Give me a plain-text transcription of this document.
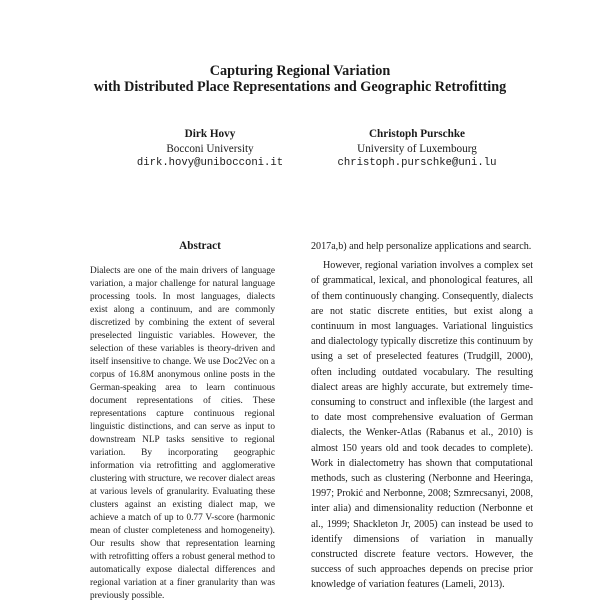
Capturing Regional Variation
with Distributed Place Representations and Geographic Retrofitting
Dirk Hovy
Bocconi University
dirk.hovy@unibocconi.it
Christoph Purschke
University of Luxembourg
christoph.purschke@uni.lu
Abstract
Dialects are one of the main drivers of language variation, a major challenge for natural language processing tools. In most languages, dialects exist along a continuum, and are commonly discretized by combining the extent of several preselected linguistic variables. However, the selection of these variables is theory-driven and itself insensitive to change. We use Doc2Vec on a corpus of 16.8M anonymous online posts in the German-speaking area to learn continuous document representations of cities. These representations capture continuous regional linguistic distinctions, and can serve as input to downstream NLP tasks sensitive to regional variation. By incorporating geographic information via retrofitting and agglomerative clustering with structure, we recover dialect areas at various levels of granularity. Evaluating these clusters against an existing dialect map, we achieve a match of up to 0.77 V-score (harmonic mean of cluster completeness and homogeneity). Our results show that representation learning with retrofitting offers a robust general method to automatically expose dialectal differences and regional variation at a finer granularity than was previously possible.

2017a,b) and help personalize applications and search.

However, regional variation involves a complex set of grammatical, lexical, and phonological features, all of them continuously changing. Consequently, dialects are not static discrete entities, but exist along a continuum in most languages. Variational linguistics and dialectology typically discretize this continuum by using a set of preselected features (Trudgill, 2000), often including outdated vocabulary. The resulting dialect areas are highly accurate, but extremely time-consuming to construct and inflexible (the largest and to date most comprehensive evaluation of German dialects, the Wenker-Atlas (Rabanus et al., 2010) is almost 150 years old and took decades to complete). Work in dialectometry has shown that computational methods, such as clustering (Nerbonne and Heeringa, 1997; Prokić and Nerbonne, 2008; Szmrecsanyi, 2008, inter alia) and dimensionality reduction (Nerbonne et al., 1999; Shackleton Jr, 2005) can instead be used to identify dimensions of variation in manually constructed discrete feature vectors. However, the success of such approaches depends on precise prior knowledge of variation features (Lameli, 2013).
